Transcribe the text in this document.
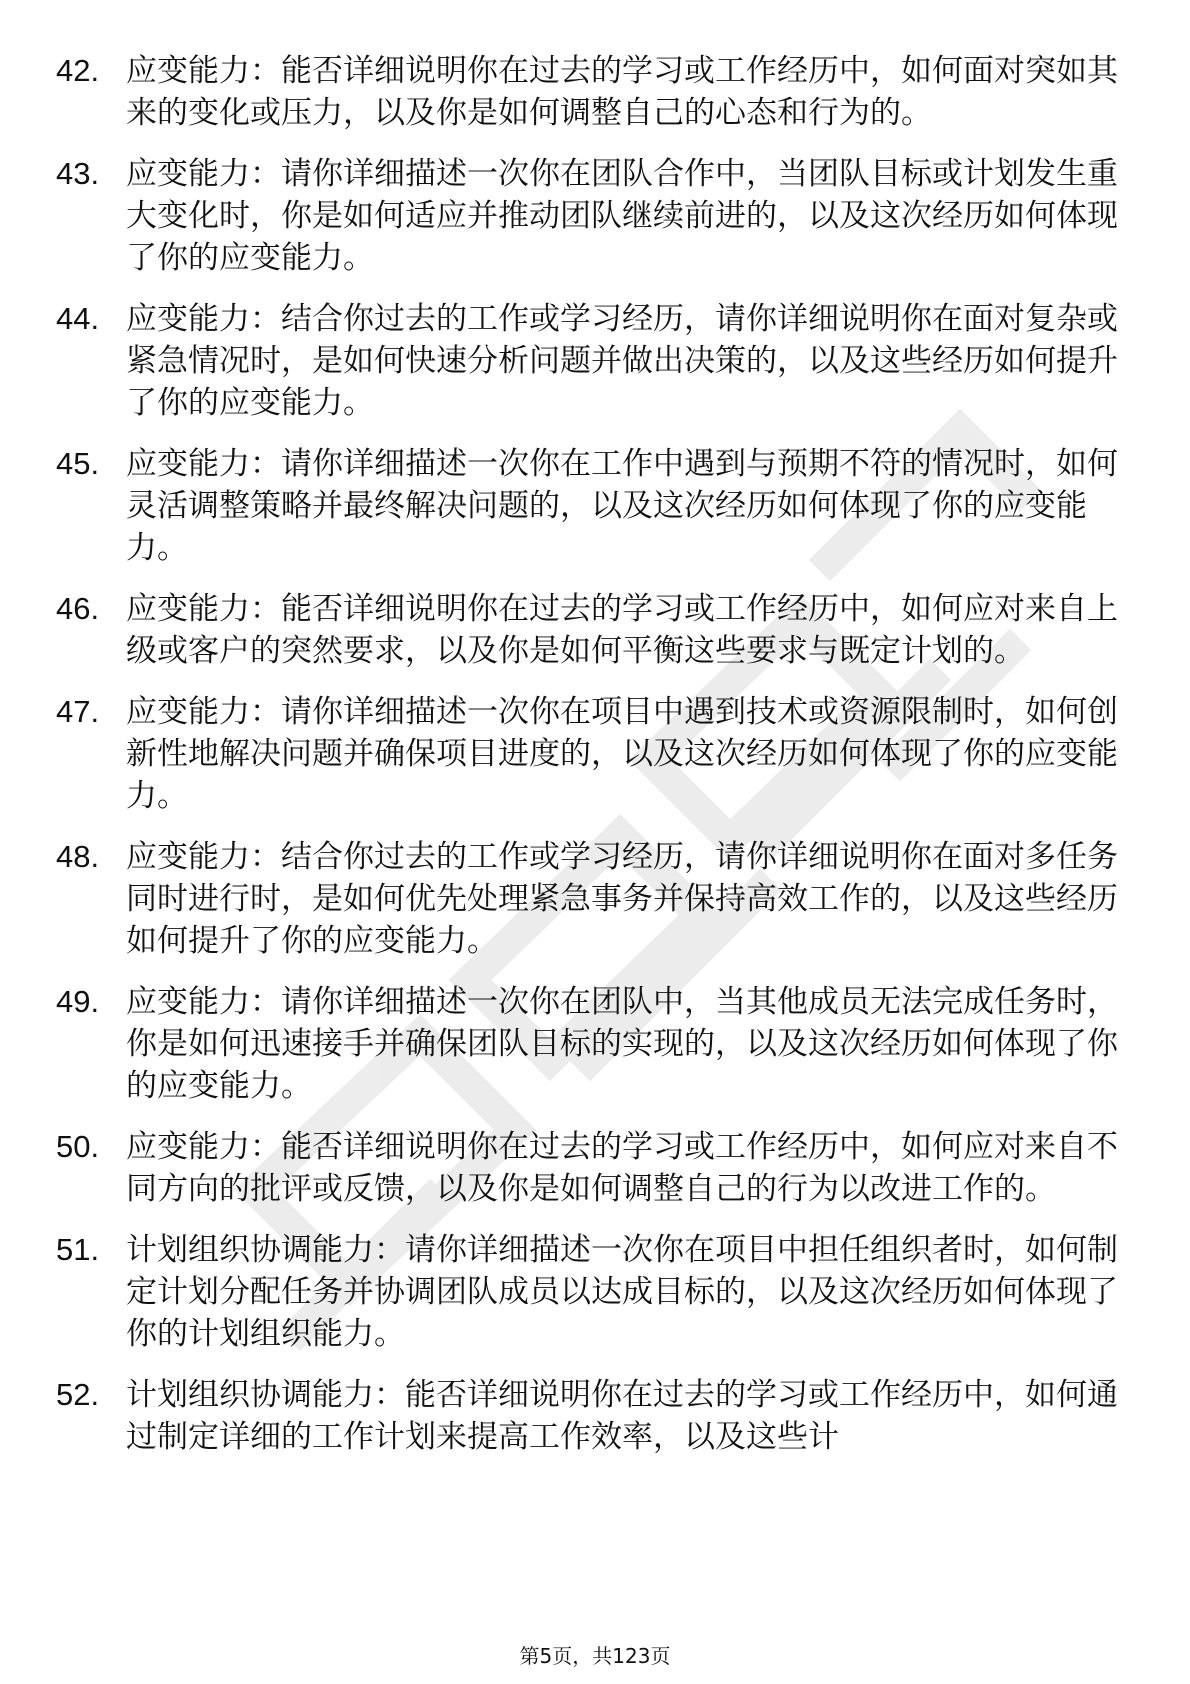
42. 应变能力：能否详细说明你在过去的学习或工作经历中，如何面对突如其来的变化或压力，以及你是如何调整自己的心态和行为的。
43. 应变能力：请你详细描述一次你在团队合作中，当团队目标或计划发生重大变化时，你是如何适应并推动团队继续前进的，以及这次经历如何体现了你的应变能力。
44. 应变能力：结合你过去的工作或学习经历，请你详细说明你在面对复杂或紧急情况时，是如何快速分析问题并做出决策的，以及这些经历如何提升了你的应变能力。
45. 应变能力：请你详细描述一次你在工作中遇到与预期不符的情况时，如何灵活调整策略并最终解决问题的，以及这次经历如何体现了你的应变能力。
46. 应变能力：能否详细说明你在过去的学习或工作经历中，如何应对来自上级或客户的突然要求，以及你是如何平衡这些要求与既定计划的。
47. 应变能力：请你详细描述一次你在项目中遇到技术或资源限制时，如何创新性地解决问题并确保项目进度的，以及这次经历如何体现了你的应变能力。
48. 应变能力：结合你过去的工作或学习经历，请你详细说明你在面对多任务同时进行时，是如何优先处理紧急事务并保持高效工作的，以及这些经历如何提升了你的应变能力。
49. 应变能力：请你详细描述一次你在团队中，当其他成员无法完成任务时，你是如何迅速接手并确保团队目标的实现的，以及这次经历如何体现了你的应变能力。
50. 应变能力：能否详细说明你在过去的学习或工作经历中，如何应对来自不同方向的批评或反馈，以及你是如何调整自己的行为以改进工作的。
51. 计划组织协调能力：请你详细描述一次你在项目中担任组织者时，如何制定计划分配任务并协调团队成员以达成目标的，以及这次经历如何体现了你的计划组织能力。
52. 计划组织协调能力：能否详细说明你在过去的学习或工作经历中，如何通过制定详细的工作计划来提高工作效率，以及这些计
第5页，共123页
